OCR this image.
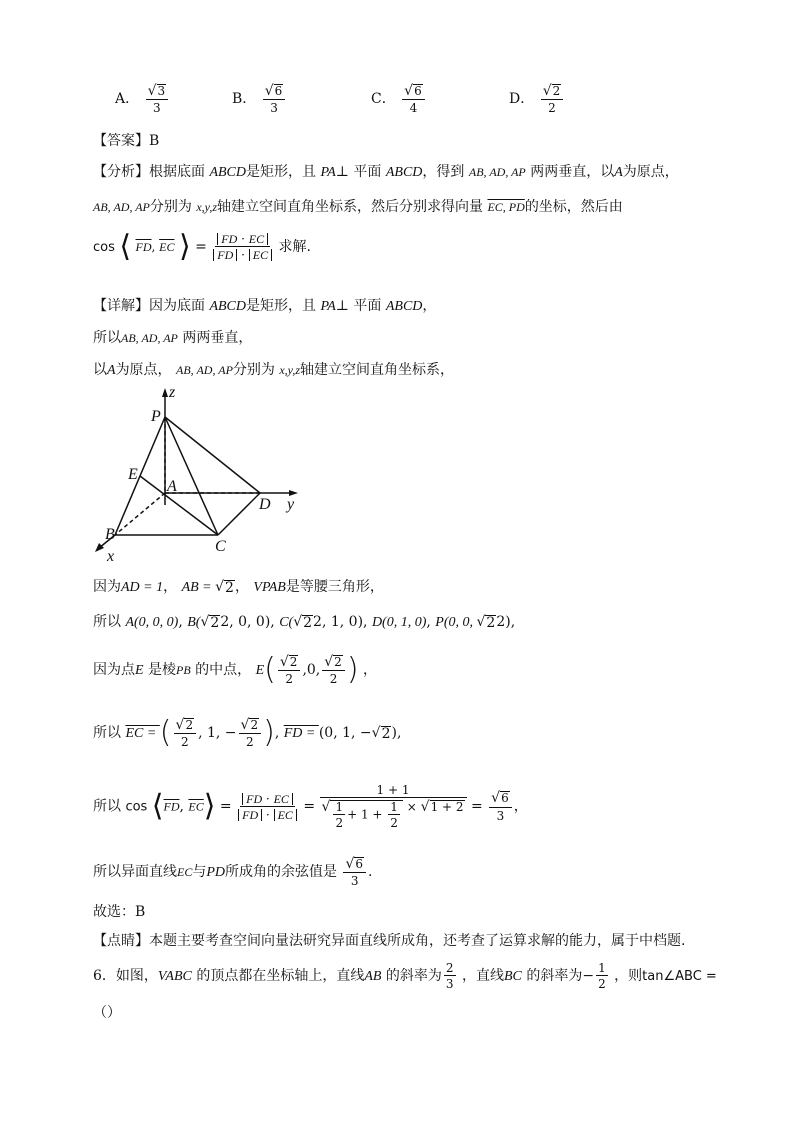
A． $\frac{√ 3}{3}$	B． $\frac{√ 6}{3}$	C． $\frac{√ 6}{4}$	D． $\frac{√ 2}{2}$
【答案】B
【分析】根据底面 ABCD是矩形，且 PA⊥ 平面 ABCD，得到 AB, AD, AP 两两垂直，以A为原点，
AB, AD, AP分别为 x,y,z轴建立空间直角坐标系，然后分别求得向量 EC, PD的坐标，然后由
cos ⟨ $\overline{FD}$, $\overline{EC}$ ⟩ = $\frac{FD \cdot EC}{FD \cdot EC}$ 求解.
【详解】因为底面 ABCD是矩形，且 PA⊥ 平面 ABCD，
所以AB, AD, AP 两两垂直，
以A为原点， AB, AD, AP分别为 x,y,z轴建立空间直角坐标系，
z
P
E
A
D y
B
C
x
因为AD = 1， AB = √ 2 ， VPAB是等腰三角形，
所以 A(0, 0, 0), B( √ 2 2, 0, 0), C( √ 2 2, 1, 0), D(0, 1, 0), P(0, 0, √ 2 2),
因为点E 是棱PB 的中点， $E( \frac{√ 2}{2} ,0$, $\frac{√ 2}{2}$ ) ，
所以 EC = ( $\frac{√ 2}{2}$ , 1, − $\frac{√ 2}{2}$ ), FD = (0, 1, − √ 2 ),
所以 $\cos ⟨\overline{FD}$, $\overline{EC}⟩ = \frac{FD \cdot EC}{FD \cdot EC} = \frac{1 + 1}{√ \frac{1}{2} + 1 + \frac{1}{2} \times √ 1 + 2} = \frac{√ 6}{3}$ ，
所以异面直线EC与PD所成角的余弦值是 $\frac{√ 6}{3}$ .
故选：B
【点睛】本题主要考查空间向量法研究异面直线所成角，还考查了运算求解的能力，属于中档题.
6．如图，VABC 的顶点都在坐标轴上，直线AB 的斜率为 $\frac{2}{3}$ ，直线BC 的斜率为− $\frac{1}{2}$ ，则tan∠ABC =
（）
